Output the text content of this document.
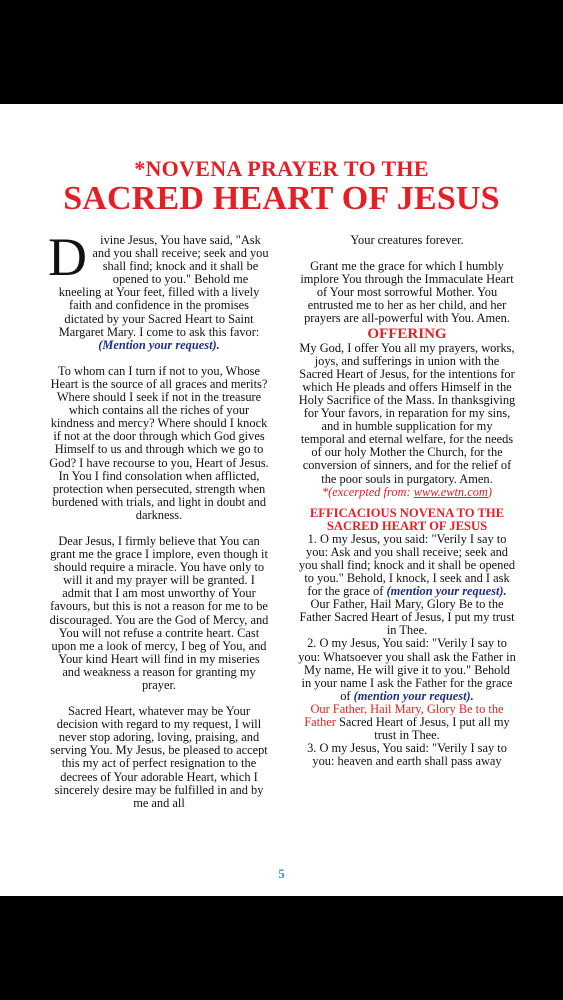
*NOVENA PRAYER TO THE
SACRED HEART OF JESUS

D ivine Jesus, You have said, "Ask and you shall receive; seek and you shall find; knock and it shall be opened to you." Behold me kneeling at Your feet, filled with a lively faith and confidence in the promises dictated by your Sacred Heart to Saint Margaret Mary. I come to ask this favor:
(Mention your request).

To whom can I turn if not to you, Whose Heart is the source of all graces and merits? Where should I seek if not in the treasure which contains all the riches of your kindness and mercy? Where should I knock if not at the door through which God gives Himself to us and through which we go to God? I have recourse to you, Heart of Jesus. In You I find consolation when afflicted, protection when persecuted, strength when burdened with trials, and light in doubt and darkness.

Dear Jesus, I firmly believe that You can grant me the grace I implore, even though it should require a miracle. You have only to will it and my prayer will be granted. I admit that I am most unworthy of Your favours, but this is not a reason for me to be discouraged. You are the God of Mercy, and You will not refuse a contrite heart. Cast upon me a look of mercy, I beg of You, and Your kind Heart will find in my miseries and weakness a reason for granting my prayer.

Sacred Heart, whatever may be Your decision with regard to my request, I will never stop adoring, loving, praising, and serving You. My Jesus, be pleased to accept this my act of perfect resignation to the decrees of Your adorable Heart, which I sincerely desire may be fulfilled in and by me and all

Your creatures forever.

Grant me the grace for which I humbly implore You through the Immaculate Heart of Your most sorrowful Mother. You entrusted me to her as her child, and her prayers are all-powerful with You. Amen.

OFFERING

My God, I offer You all my prayers, works, joys, and sufferings in union with the Sacred Heart of Jesus, for the intentions for which He pleads and offers Himself in the Holy Sacrifice of the Mass. In thanksgiving for Your favors, in reparation for my sins, and in humble supplication for my temporal and eternal welfare, for the needs of our holy Mother the Church, for the conversion of sinners, and for the relief of the poor souls in purgatory. Amen.

*(excerpted from: www.ewtn.com)

EFFICACIOUS NOVENA TO THE SACRED HEART OF JESUS

1. O my Jesus, you said: "Verily I say to you: Ask and you shall receive; seek and you shall find; knock and it shall be opened to you." Behold, I knock, I seek and I ask for the grace of (mention your request).

Our Father, Hail Mary, Glory Be to the Father Sacred Heart of Jesus, I put my trust in Thee.

2. O my Jesus, You said: "Verily I say to you: Whatsoever you shall ask the Father in My name, He will give it to you." Behold in your name I ask the Father for the grace of (mention your request).

Our Father, Hail Mary, Glory Be to the Father Sacred Heart of Jesus, I put all my trust in Thee.

3. O my Jesus, You said: "Verily I say to you: heaven and earth shall pass away

5
